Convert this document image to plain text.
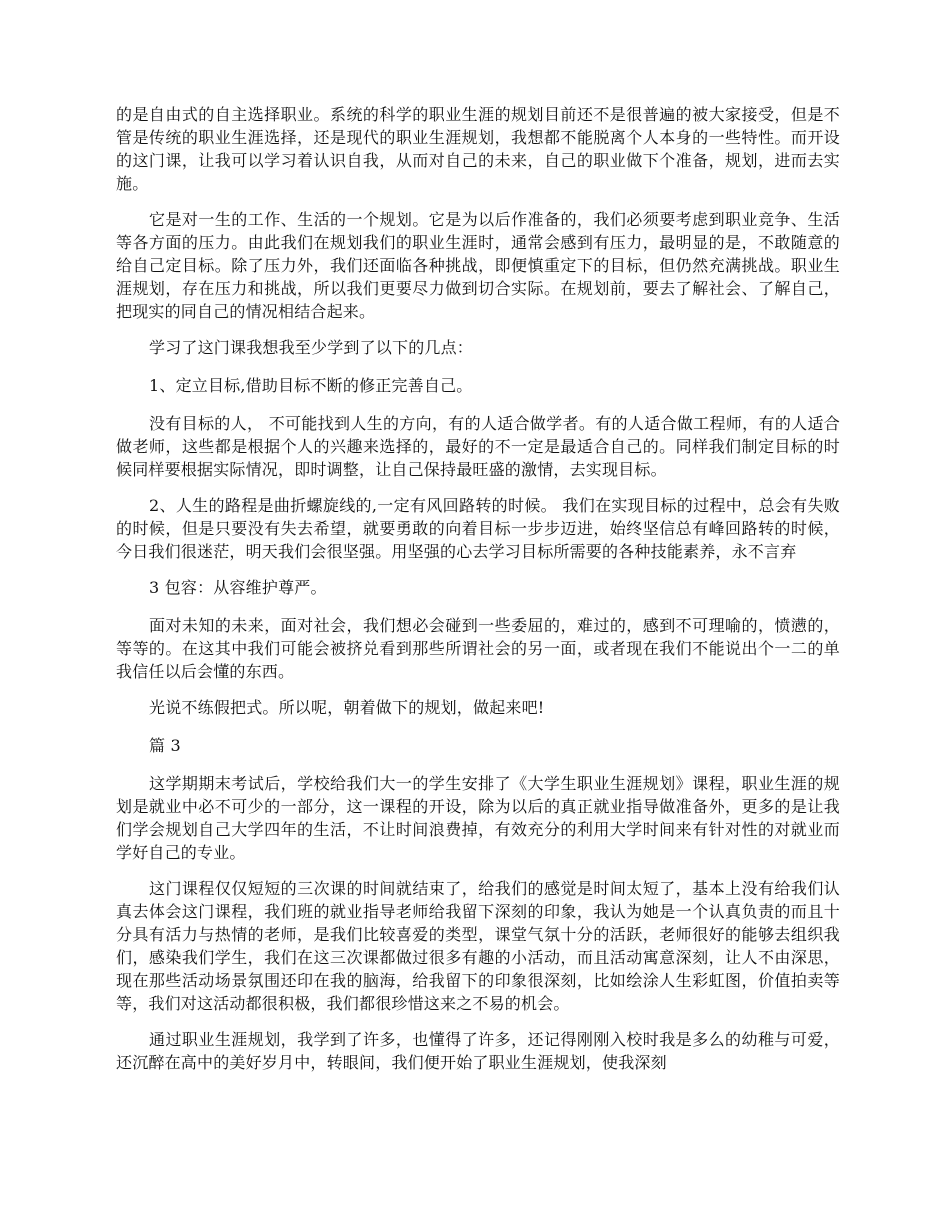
的是自由式的自主选择职业。系统的科学的职业生涯的规划目前还不是很普遍的被大家接受，但是不管是传统的职业生涯选择，还是现代的职业生涯规划，我想都不能脱离个人本身的一些特性。而开设的这门课，让我可以学习着认识自我，从而对自己的未来，自己的职业做下个准备，规划，进而去实施。

它是对一生的工作、生活的一个规划。它是为以后作准备的，我们必须要考虑到职业竞争、生活等各方面的压力。由此我们在规划我们的职业生涯时，通常会感到有压力，最明显的是，不敢随意的给自己定目标。除了压力外，我们还面临各种挑战，即便慎重定下的目标，但仍然充满挑战。职业生涯规划，存在压力和挑战，所以我们更要尽力做到切合实际。在规划前，要去了解社会、了解自己，把现实的同自己的情况相结合起来。

学习了这门课我想我至少学到了以下的几点：

1、定立目标,借助目标不断的修正完善自己。

没有目标的人， 不可能找到人生的方向，有的人适合做学者。有的人适合做工程师，有的人适合做老师，这些都是根据个人的兴趣来选择的，最好的不一定是最适合自己的。同样我们制定目标的时候同样要根据实际情况，即时调整，让自己保持最旺盛的激情，去实现目标。

2、人生的路程是曲折螺旋线的,一定有风回路转的时候。 我们在实现目标的过程中，总会有失败的时候，但是只要没有失去希望，就要勇敢的向着目标一步步迈进，始终坚信总有峰回路转的时候，今日我们很迷茫，明天我们会很坚强。用坚强的心去学习目标所需要的各种技能素养，永不言弃

3 包容：从容维护尊严。

面对未知的未来，面对社会，我们想必会碰到一些委屈的，难过的，感到不可理喻的，愤懑的，等等的。在这其中我们可能会被挤兑看到那些所谓社会的另一面，或者现在我们不能说出个一二的单我信任以后会懂的东西。

光说不练假把式。所以呢，朝着做下的规划，做起来吧!

篇 3

这学期期末考试后，学校给我们大一的学生安排了《大学生职业生涯规划》课程，职业生涯的规划是就业中必不可少的一部分，这一课程的开设，除为以后的真正就业指导做准备外，更多的是让我们学会规划自己大学四年的生活，不让时间浪费掉，有效充分的利用大学时间来有针对性的对就业而学好自己的专业。

这门课程仅仅短短的三次课的时间就结束了，给我们的感觉是时间太短了，基本上没有给我们认真去体会这门课程，我们班的就业指导老师给我留下深刻的印象，我认为她是一个认真负责的而且十分具有活力与热情的老师，是我们比较喜爱的类型，课堂气氛十分的活跃，老师很好的能够去组织我们，感染我们学生，我们在这三次课都做过很多有趣的小活动，而且活动寓意深刻，让人不由深思，现在那些活动场景氛围还印在我的脑海，给我留下的印象很深刻，比如绘涂人生彩虹图，价值拍卖等等，我们对这活动都很积极，我们都很珍惜这来之不易的机会。

通过职业生涯规划，我学到了许多，也懂得了许多，还记得刚刚入校时我是多么的幼稚与可爱，还沉醉在高中的美好岁月中，转眼间，我们便开始了职业生涯规划，使我深刻
